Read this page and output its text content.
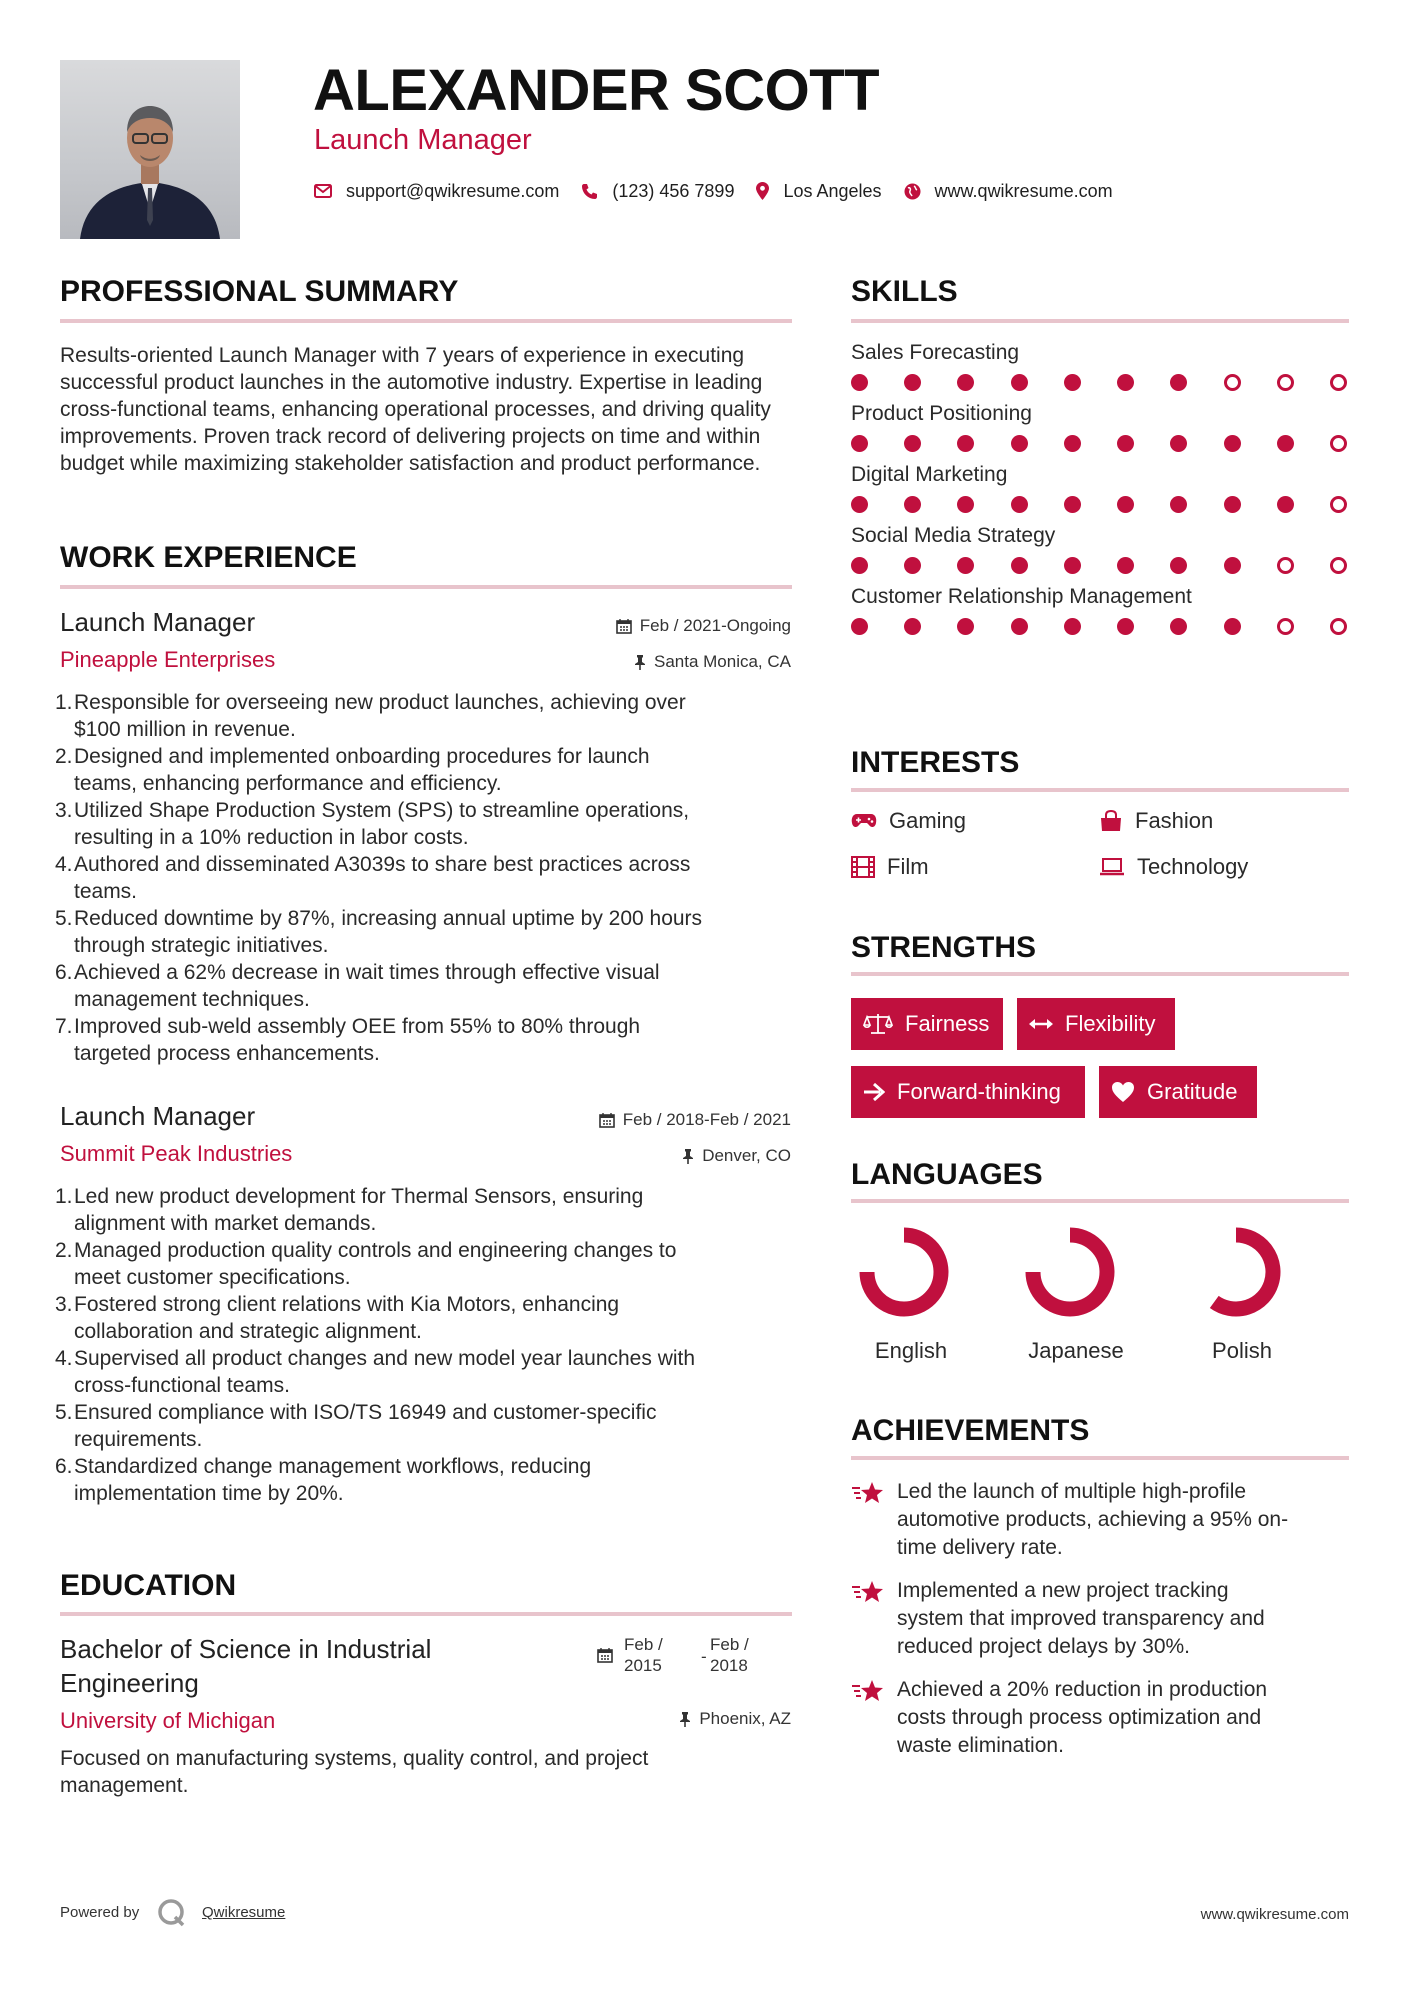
ALEXANDER SCOTT
Launch Manager
support@qwikresume.com	(123) 456 7899	Los Angeles	www.qwikresume.com
PROFESSIONAL SUMMARY
Results-oriented Launch Manager with 7 years of experience in executing successful product launches in the automotive industry. Expertise in leading cross-functional teams, enhancing operational processes, and driving quality improvements. Proven track record of delivering projects on time and within budget while maximizing stakeholder satisfaction and product performance.
WORK EXPERIENCE
Launch Manager	Feb / 2021-Ongoing
Pineapple Enterprises	Santa Monica, CA
1. Responsible for overseeing new product launches, achieving over
$100 million in revenue.
2. Designed and implemented onboarding procedures for launch
teams, enhancing performance and efficiency.
3. Utilized Shape Production System (SPS) to streamline operations,
resulting in a 10% reduction in labor costs.
4. Authored and disseminated A3039s to share best practices across
teams.
5. Reduced downtime by 87%, increasing annual uptime by 200 hours
through strategic initiatives.
6. Achieved a 62% decrease in wait times through effective visual
management techniques.
7. Improved sub-weld assembly OEE from 55% to 80% through
targeted process enhancements.
Launch Manager	Feb / 2018-Feb / 2021
Summit Peak Industries	Denver, CO
1. Led new product development for Thermal Sensors, ensuring
alignment with market demands.
2. Managed production quality controls and engineering changes to
meet customer specifications.
3. Fostered strong client relations with Kia Motors, enhancing
collaboration and strategic alignment.
4. Supervised all product changes and new model year launches with
cross-functional teams.
5. Ensured compliance with ISO/TS 16949 and customer-specific
requirements.
6. Standardized change management workflows, reducing
implementation time by 20%.
EDUCATION
Bachelor of Science in Industrial
Engineering
Feb /
2015 -
Feb /
2018
University of Michigan	Phoenix, AZ
Focused on manufacturing systems, quality control, and project
management.
SKILLS
Sales Forecasting
Product Positioning
Digital Marketing
Social Media Strategy
Customer Relationship Management
INTERESTS
Gaming	Fashion
Film	Technology
STRENGTHS
Fairness	Flexibility
Forward-thinking	Gratitude
LANGUAGES
English	Japanese	Polish
ACHIEVEMENTS
Led the launch of multiple high-profile
automotive products, achieving a 95% on-
time delivery rate.
Implemented a new project tracking
system that improved transparency and
reduced project delays by 30%.
Achieved a 20% reduction in production
costs through process optimization and
waste elimination.
Powered by	Qwikresume	www.qwikresume.com
